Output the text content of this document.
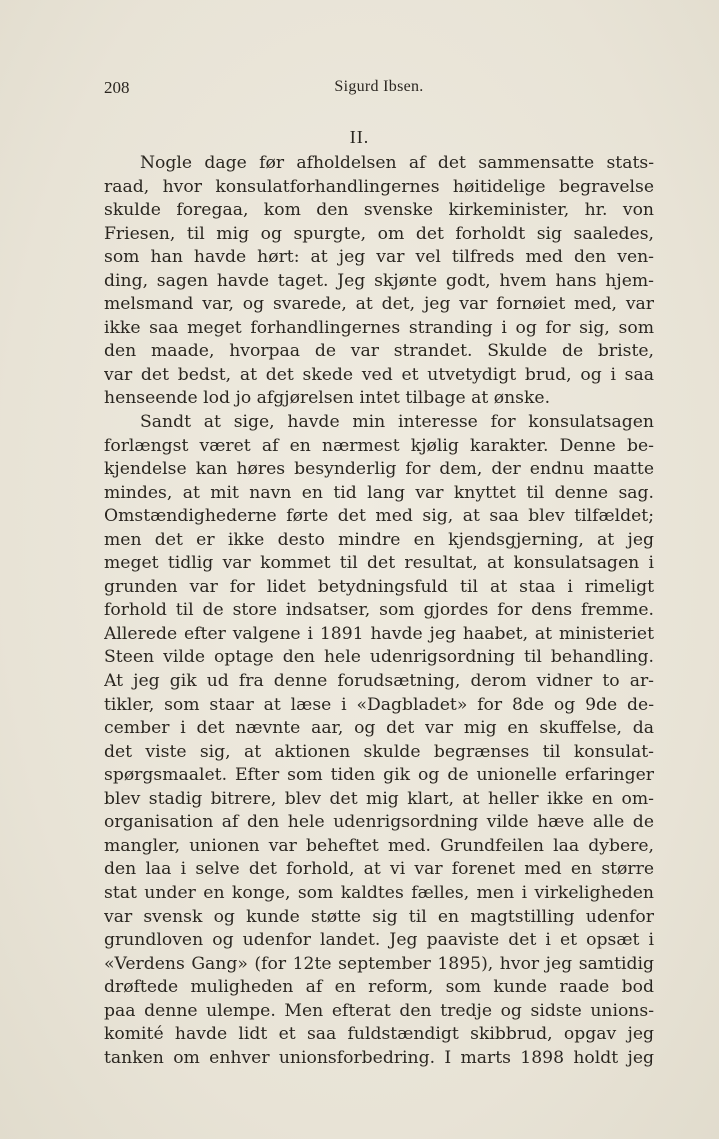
208	Sigurd Ibsen.
II.
Nogle dage før afholdelsen af det sammensatte stats-
raad, hvor konsulatforhandlingernes høitidelige begravelse
skulde foregaa, kom den svenske kirkeminister, hr. von
Friesen, til mig og spurgte, om det forholdt sig saaledes,
som han havde hørt: at jeg var vel tilfreds med den ven-
ding, sagen havde taget. Jeg skjønte godt, hvem hans hjem-
melsmand var, og svarede, at det, jeg var fornøiet med, var
ikke saa meget forhandlingernes stranding i og for sig, som
den maade, hvorpaa de var strandet. Skulde de briste,
var det bedst, at det skede ved et utvetydigt brud, og i saa
henseende lod jo afgjørelsen intet tilbage at ønske.
Sandt at sige, havde min interesse for konsulatsagen
forlængst været af en nærmest kjølig karakter. Denne be-
kjendelse kan høres besynderlig for dem, der endnu maatte
mindes, at mit navn en tid lang var knyttet til denne sag.
Omstændighederne førte det med sig, at saa blev tilfældet;
men det er ikke desto mindre en kjendsgjerning, at jeg
meget tidlig var kommet til det resultat, at konsulatsagen i
grunden var for lidet betydningsfuld til at staa i rimeligt
forhold til de store indsatser, som gjordes for dens fremme.
Allerede efter valgene i 1891 havde jeg haabet, at ministeriet
Steen vilde optage den hele udenrigsordning til behandling.
At jeg gik ud fra denne forudsætning, derom vidner to ar-
tikler, som staar at læse i «Dagbladet» for 8de og 9de de-
cember i det nævnte aar, og det var mig en skuffelse, da
det viste sig, at aktionen skulde begrænses til konsulat-
spørgsmaalet. Efter som tiden gik og de unionelle erfaringer
blev stadig bitrere, blev det mig klart, at heller ikke en om-
organisation af den hele udenrigsordning vilde hæve alle de
mangler, unionen var beheftet med. Grundfeilen laa dybere,
den laa i selve det forhold, at vi var forenet med en større
stat under en konge, som kaldtes fælles, men i virkeligheden
var svensk og kunde støtte sig til en magtstilling udenfor
grundloven og udenfor landet. Jeg paaviste det i et opsæt i
«Verdens Gang» (for 12te september 1895), hvor jeg samtidig
drøftede muligheden af en reform, som kunde raade bod
paa denne ulempe. Men efterat den tredje og sidste unions-
komité havde lidt et saa fuldstændigt skibbrud, opgav jeg
tanken om enhver unionsforbedring. I marts 1898 holdt jeg
